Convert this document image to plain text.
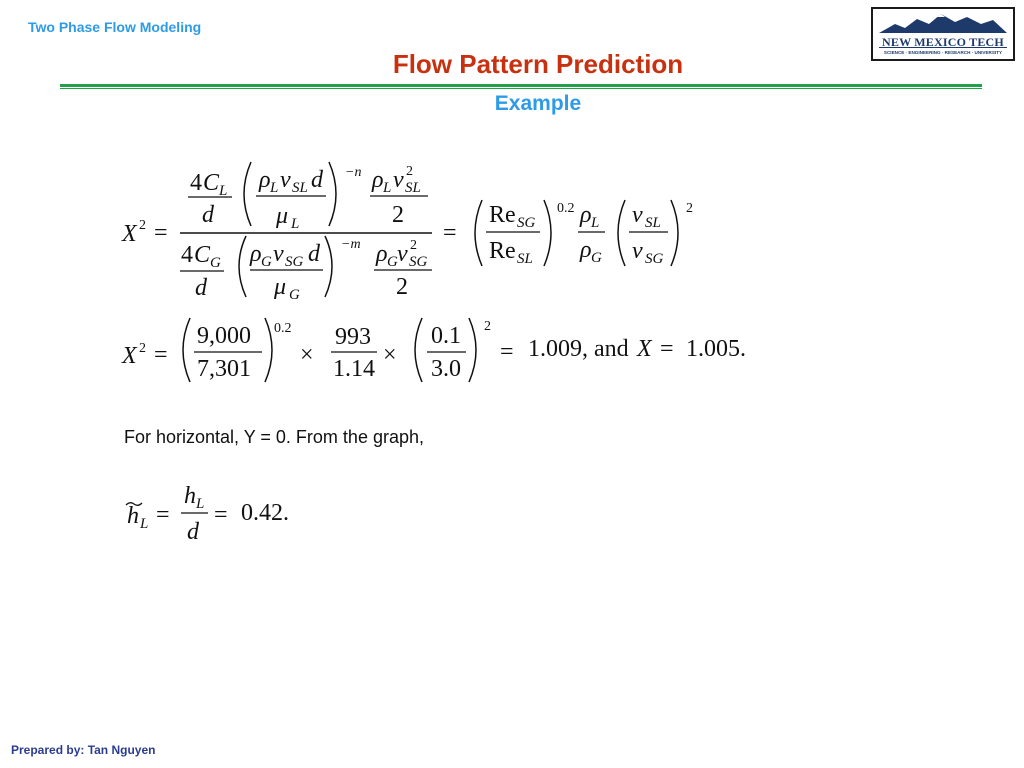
Two Phase Flow Modeling
NEW MEXICO TECH
SCIENCE · ENGINEERING · RESEARCH · UNIVERSITY
Flow Pattern Prediction
Example
X 2 =
4 C L
d
ρ L ν SL d
μ L
−n ρ L ν 2
SL
2
4 C G
d
ρ G ν SG d
μ G
−m ρ G ν 2
SG
2
=
Re SG
Re SL
0.2 ρ L
ρ G
ν SL
ν SG
2
X 2 =
9,000
7,301
0.2
×
993
1.14
×
0.1
3.0
2
= 1.009, and X = 1.005.
For horizontal, Y = 0. From the graph,
h L =
h L
d
= 0.42.
Prepared by: Tan Nguyen
